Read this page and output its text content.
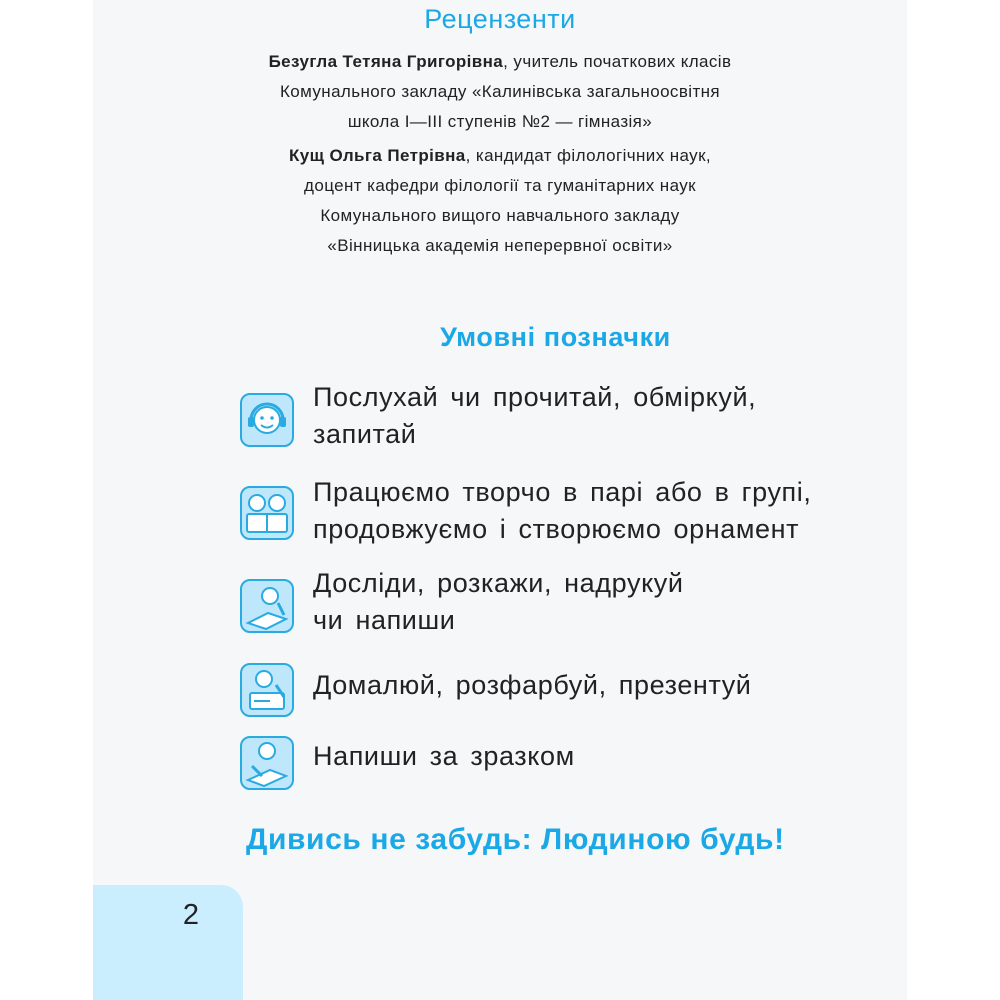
Рецензенти
Безугла Тетяна Григорівна, учитель початкових класів
Комунального закладу «Калинівська загальноосвітня
школа І—ІІІ ступенів №2 — гімназія»
Кущ Ольга Петрівна, кандидат філологічних наук,
доцент кафедри філології та гуманітарних наук
Комунального вищого навчального закладу
«Вінницька академія неперервної освіти»
Умовні позначки
Послухай чи прочитай, обміркуй,
запитай
Працюємо творчо в парі або в групі,
продовжуємо і створюємо орнамент
Досліди, розкажи, надрукуй
чи напиши
Домалюй, розфарбуй, презентуй
Напиши за зразком
Дивись не забудь: Людиною будь!
2
